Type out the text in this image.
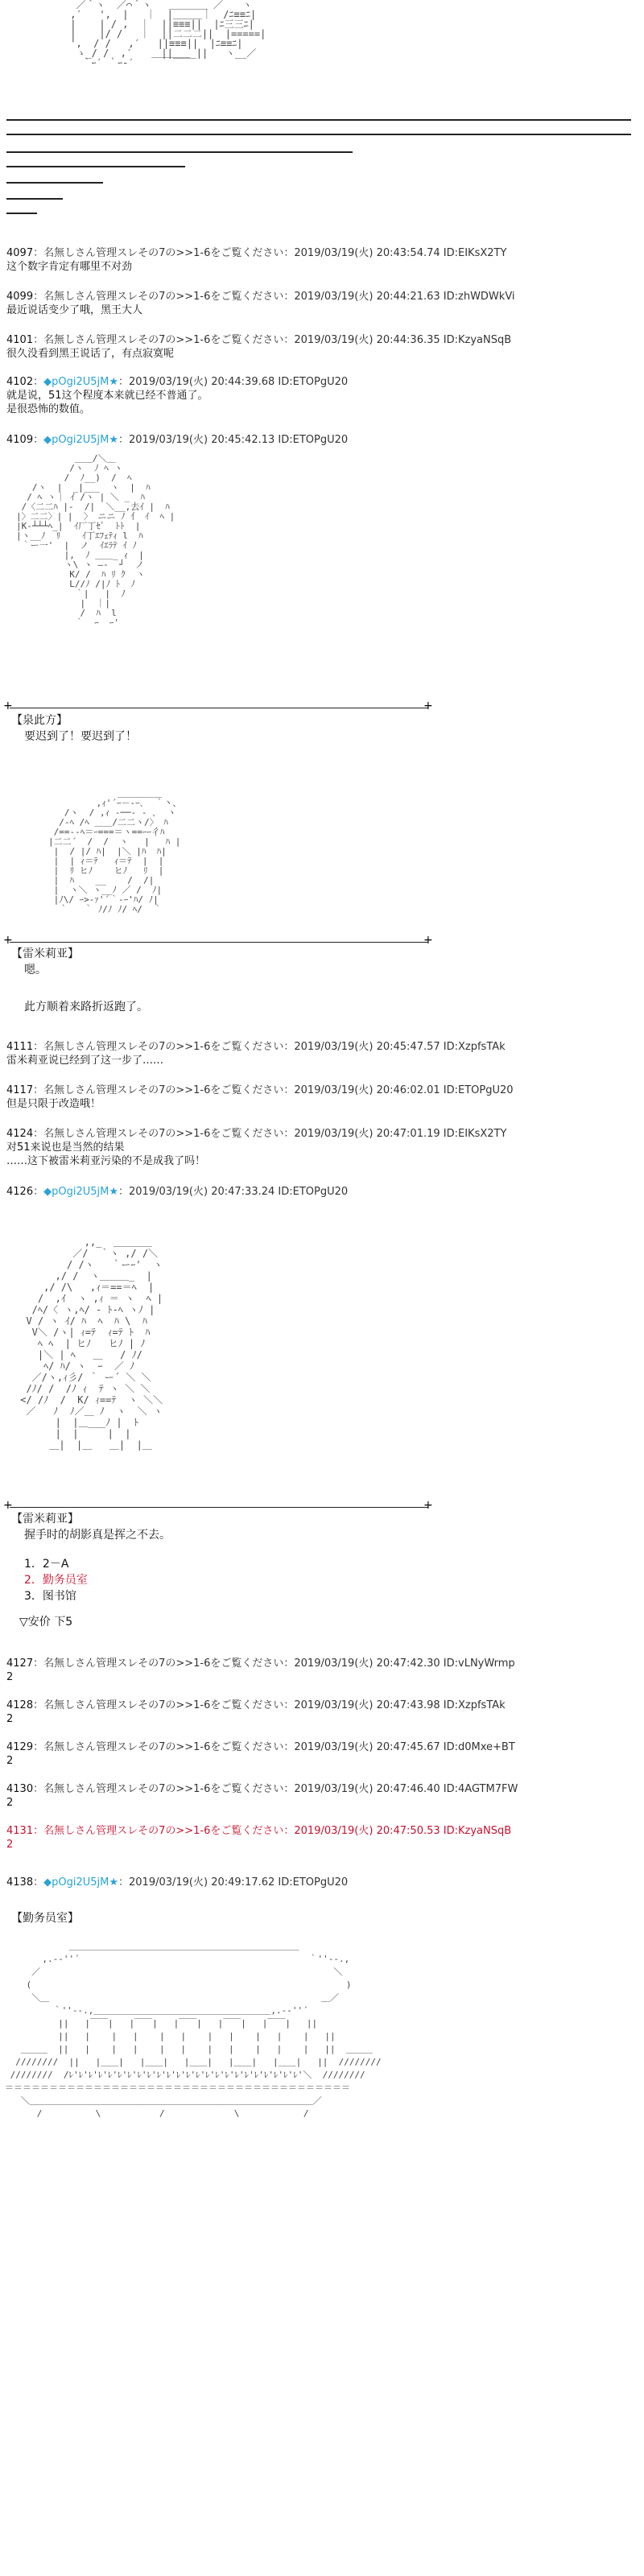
／｀ヽ  ／⌒｀ヽ   ＿＿＿＿ ／￣￣ヽ
,′   ',  |   ｜  |＿＿＿｜  /ﾆ≡≡ﾆ|
|    | / ,  ｜  ||≡≡≡||  |ﾆ三三ﾆ|
|    |/ /   ｜  ||二二二||  |=====|
',  / /   ,′   ||≡≡≡||  |ﾆ≡≡ﾆ|
ゝ_/ /  ,′     ||____||   ヽ__／
｀ｰ′ ｀ｰ‐′   ￣￣￣￣
4097：名無しさん管理スレその7の>>1-6をご覧ください：2019/03/19(火) 20:43:54.74 ID:EIKsX2TY
这个数字肯定有哪里不对劲
4099：名無しさん管理スレその7の>>1-6をご覧ください：2019/03/19(火) 20:44:21.63 ID:zhWDWkVi
最近说话变少了哦，黑王大人
4101：名無しさん管理スレその7の>>1-6をご覧ください：2019/03/19(火) 20:44:36.35 ID:KzyaNSqB
很久没看到黑王说话了，有点寂寞呢
4102：◆pOgi2U5jM★：2019/03/19(火) 20:44:39.68 ID:ETOPgU20
就是说，51这个程度本来就已经不普通了。
是很恐怖的数值。
4109：◆pOgi2U5jM★：2019/03/19(火) 20:45:42.13 ID:ETOPgU20
＿＿/＼＿
/ヽ  ﾉ ﾍ ヽ
/  ﾉ__)  /  ﾍ
/ヽ  |  _|___  ヽ  |  ﾊ
/ ﾍ ヽ｜ ｲ /ヽ | ＼ _  ﾊ
/〈二二ﾊ |-  /|  ＼__,去ｲ |  ﾊ
|〉二二〉| |  〉 ニニ ﾉ 亻 ｲ  ﾍ |
|K‐┴┴┴ﾍ_|  ｲ厂丁ｾﾞ  ﾄﾄ  |
|ヽ__ﾉ  ﾘ    ｲ丁ｴﾌｪﾃｨ l  ﾊ
｀ー一'  |  ノ  ｲｴﾗﾃ ｲ ﾉ
|,  ﾉ ＿＿_ ｨ  |
ヽ\ ヽ ―‐  ┘  ノ
K/ /  ﾊ ﾘ ｸ  ヽ
L//ﾉ /|ﾉ ﾄ  ﾉ
｀|   |  ﾉ
|  ｜|
/  ﾊ  l
｀  ｰ  ｰ'
+	+
【泉此方】
要迟到了！要迟到了！
＿＿＿＿＿
,ｨ'´ｰ－‐ｰ､  ｀丶、
/ヽ  / ,ｨ ‐──‐ - ､  ヽ
/‐ﾍ /ﾍ ＿＿/二二ヽ/〉 ﾊ
/==--ﾍ＝ｰ===＝ヽ==ｰｰ彳ﾊ
|二二´  /  /  ヽ   |   ﾊ |
|  / |/ ﾊ|  |＼ |ﾊ  ﾊ|
|  | ｨ＝ﾃ   ｨ＝ﾃ  |  |
|  ﾘ ヒﾉ    ヒﾉ   ﾘ  |
|  ﾊ    __    /  /|
|  ヽ＼ ヽ__ﾉ ／ /  ﾉ|
|ﾉ\/ ｰ>-ｧ'´｀-ｰ'ﾊ/ ﾉ|
｀   ｀ ﾉ/ﾉ ﾉ/ ﾍ/  ｀
+	+
【雷米莉亚】
嗯。
此方顺着来路折返跑了。
4111：名無しさん管理スレその7の>>1-6をご覧ください：2019/03/19(火) 20:45:47.57 ID:XzpfsTAk
雷米莉亚说已经到了这一步了……
4117：名無しさん管理スレその7の>>1-6をご覧ください：2019/03/19(火) 20:46:02.01 ID:ETOPgU20
但是只限于改造哦！
4124：名無しさん管理スレその7の>>1-6をご覧ください：2019/03/19(火) 20:47:01.19 ID:EIKsX2TY
对51来说也是当然的结果
……这下被雷米莉亚污染的不是成我了吗！
4126：◆pOgi2U5jM★：2019/03/19(火) 20:47:33.24 ID:ETOPgU20
,,_  ＿＿＿＿
／/  ｀ヽ ,/ /＼
/ /ヽ   ｀ーｰ'  ヽ
,/ /  ヽ＿＿＿_  |
,/ /\   ,ｨ＝==＝ﾍ  |
/  ,ｲ  ヽ ,ｨ ＝ ヽ  ﾍ |
/ﾍ/〈 ヽ,ﾍ/ ‐ ﾄ‐ﾍ ヽﾉ |
V / ヽ ｲ/ ﾊ  ﾍ  ﾊ \  ﾊ
V＼ /ヽ| ｨ=ﾃ  ｨ=ﾃ ﾄ  ﾊ
ﾍ ﾍ  | ヒﾉ   ヒﾉ | ﾉ
|＼ | ﾍ   ＿   / ﾉ/
ﾍ/ ﾊ/ ヽ  ｰ  ／ ﾉ
／/ヽ,ｨ彡/ ｀ ー´ ＼ ＼
/ﾉ/ /  /ﾉ ｨ  ﾃ ヽ ＼ ＼
</ /ﾉ  /  K/ ｨ==ﾃ  ヽ ＼＼
／   ﾉ  ﾉ／＿ ﾉ  ヽ  ＼ ヽ
|  |＿___ﾉ |  ﾄ
|  |     |  |
＿|  |＿   ＿|  |＿
+	+
【雷米莉亚】
握手时的胡影真是挥之不去。
1．2－A
2．勤务员室
3．图书馆
▽安价 下5
4127：名無しさん管理スレその7の>>1-6をご覧ください：2019/03/19(火) 20:47:42.30 ID:vLNyWrmp
2
4128：名無しさん管理スレその7の>>1-6をご覧ください：2019/03/19(火) 20:47:43.98 ID:XzpfsTAk
2
4129：名無しさん管理スレその7の>>1-6をご覧ください：2019/03/19(火) 20:47:45.67 ID:d0Mxe+BT
2
4130：名無しさん管理スレその7の>>1-6をご覧ください：2019/03/19(火) 20:47:46.40 ID:4AGTM7FW
2
4131：名無しさん管理スレその7の>>1-6をご覧ください：2019/03/19(火) 20:47:50.53 ID:KzyaNSqB
2
4138：◆pOgi2U5jM★：2019/03/19(火) 20:49:17.62 ID:ETOPgU20
【勤务员室】
＿＿＿＿＿＿＿＿＿＿＿＿＿＿＿＿＿＿＿＿＿＿＿＿＿＿
,.-‐''´                                           ｀''‐-.,
／                                                       ＼
(                                                           )
＼＿                                                   ＿／
｀''‐-.,＿＿＿＿＿＿＿＿＿＿＿＿＿＿＿＿＿＿＿＿,.-‐''´
||   |￣￣|   |￣￣|   |￣￣|   |￣￣|   |￣￣|   ||
||   |    |   |    |   |    |   |    |   |    |   ||
＿＿＿  ||   |    |   |    |   |    |   |    |   |    |   ||  ＿＿＿
////////  ||   |＿＿|   |＿＿|   |＿＿|   |＿＿|   |＿＿|   ||  ////////
////////  /ﾚ'ﾚ'ﾚ'ﾚ'ﾚ'ﾚ'ﾚ'ﾚ'ﾚ'ﾚ'ﾚ'ﾚ'ﾚ'ﾚ'ﾚ'ﾚ'ﾚ'ﾚ'ﾚ'ﾚ'ﾚ'ﾚ'ﾚ'ﾚ'＼  ////////
＝＝＝＝＝＝＝＝＝＝＝＝＝＝＝＝＝＝＝＝＝＝＝＝＝＝＝＝＝＝＝＝＝＝＝＝＝＝＝
＼＿＿＿＿＿＿＿＿＿＿＿＿＿＿＿＿＿＿＿＿＿＿＿＿＿＿＿＿＿＿＿＿／
/          \           /             \            /
